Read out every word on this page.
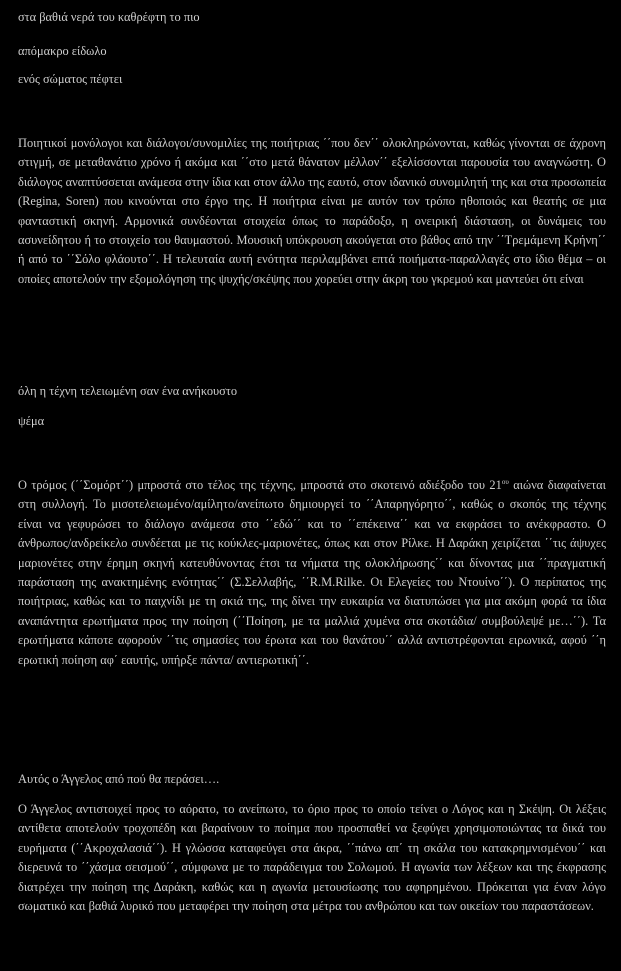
στα βαθιά νερά του καθρέφτη το πιο
απόμακρο είδωλο
ενός σώματος πέφτει
Ποιητικοί μονόλογοι και διάλογοι/συνομιλίες της ποιήτριας ΄΄που δεν΄΄ ολοκληρώνονται, καθώς γίνονται σε άχρονη στιγμή, σε μεταθανάτιο χρόνο ή ακόμα και ΄΄στο μετά θάνατον μέλλον΄΄ εξελίσσονται παρουσία του αναγνώστη. Ο διάλογος αναπτύσσεται ανάμεσα στην ίδια και στον άλλο της εαυτό, στον ιδανικό συνομιλητή της και στα προσωπεία (Regina, Soren) που κινούνται στο έργο της. Η ποιήτρια είναι με αυτόν τον τρόπο ηθοποιός και θεατής σε μια φανταστική σκηνή. Αρμονικά συνδέονται στοιχεία όπως το παράδοξο, η ονειρική διάσταση, οι δυνάμεις του ασυνείδητου ή το στοιχείο του θαυμαστού. Μουσική υπόκρουση ακούγεται στο βάθος από την ΄΄Τρεμάμενη Κρήνη΄΄ ή από το ΄΄Σόλο φλάουτο΄΄. Η τελευταία αυτή ενότητα περιλαμβάνει επτά ποιήματα-παραλλαγές στο ίδιο θέμα – οι οποίες αποτελούν την εξομολόγηση της ψυχής/σκέψης που χορεύει στην άκρη του γκρεμού και μαντεύει ότι είναι
όλη η τέχνη τελειωμένη σαν ένα ανήκουστο
ψέμα
Ο τρόμος (΄΄Σομόρτ΄΄) μπροστά στο τέλος της τέχνης, μπροστά στο σκοτεινό αδιέξοδο του $21^{o\upsilon}$ αιώνα διαφαίνεται στη συλλογή. Το μισοτελειωμένο/αμίλητο/ανείπωτο δημιουργεί το ΄΄Απαρηγόρητο΄΄, καθώς ο σκοπός της τέχνης είναι να γεφυρώσει το διάλογο ανάμεσα στο ΄΄εδώ΄΄ και το ΄΄επέκεινα΄΄ και να εκφράσει το ανέκφραστο. Ο άνθρωπος/ανδρείκελο συνδέεται με τις κούκλες-μαριονέτες, όπως και στον Ρίλκε. Η Δαράκη χειρίζεται ΄΄τις άψυχες μαριονέτες στην έρημη σκηνή κατευθύνοντας έτσι τα νήματα της ολοκλήρωσης΄΄ και δίνοντας μια ΄΄πραγματική παράσταση της ανακτημένης ενότητας΄΄ (Σ.Σελλαβής, ΄΄R.M.Rilke. Οι Ελεγείες του Ντουίνο΄΄). Ο περίπατος της ποιήτριας, καθώς και το παιχνίδι με τη σκιά της, της δίνει την ευκαιρία να διατυπώσει για μια ακόμη φορά τα ίδια αναπάντητα ερωτήματα προς την ποίηση (΄΄Ποίηση, με τα μαλλιά χυμένα στα σκοτάδια/ συμβούλεψέ με…΄΄). Τα ερωτήματα κάποτε αφορούν ΄΄τις σημασίες του έρωτα και του θανάτου΄΄ αλλά αντιστρέφονται ειρωνικά, αφού ΄΄η ερωτική ποίηση αφ΄ εαυτής, υπήρξε πάντα/ αντιερωτική΄΄.
Αυτός ο Άγγελος από πού θα περάσει….
Ο Άγγελος αντιστοιχεί προς το αόρατο, το ανείπωτο, το όριο προς το οποίο τείνει ο Λόγος και η Σκέψη. Οι λέξεις αντίθετα αποτελούν τροχοπέδη και βαραίνουν το ποίημα που προσπαθεί να ξεφύγει χρησιμοποιώντας τα δικά του ευρήματα (΄΄Ακροχαλασιά΄΄). Η γλώσσα καταφεύγει στα άκρα, ΄΄πάνω απ΄ τη σκάλα του κατακρημνισμένου΄΄ και διερευνά το ΄΄χάσμα σεισμού΄΄, σύμφωνα με το παράδειγμα του Σολωμού. Η αγωνία των λέξεων και της έκφρασης διατρέχει την ποίηση της Δαράκη, καθώς και η αγωνία μετουσίωσης του αφηρημένου. Πρόκειται για έναν λόγο σωματικό και βαθιά λυρικό που μεταφέρει την ποίηση στα μέτρα του ανθρώπου και των οικείων του παραστάσεων.
